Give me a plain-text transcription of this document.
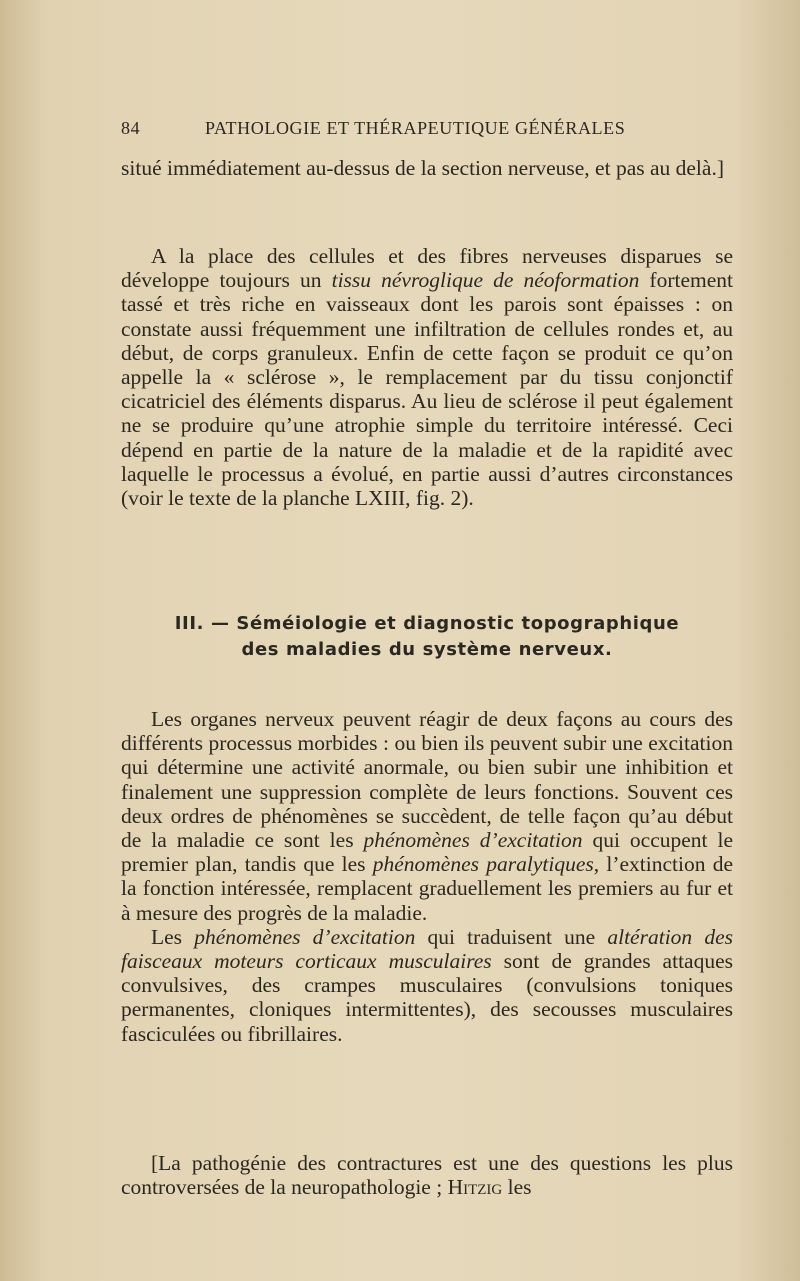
84	PATHOLOGIE ET THÉRAPEUTIQUE GÉNÉRALES

situé immédiatement au-dessus de la section nerveuse, et pas au delà.]

A la place des cellules et des fibres nerveuses disparues se développe toujours un tissu névroglique de néoformation fortement tassé et très riche en vaisseaux dont les parois sont épaisses : on constate aussi fréquemment une infiltration de cellules rondes et, au début, de corps granuleux. Enfin de cette façon se produit ce qu’on appelle la « sclérose », le remplacement par du tissu conjonctif cicatriciel des éléments disparus. Au lieu de sclérose il peut également ne se produire qu’une atrophie simple du territoire intéressé. Ceci dépend en partie de la nature de la maladie et de la rapidité avec laquelle le processus a évolué, en partie aussi d’autres circonstances (voir le texte de la planche LXIII, fig. 2).

III. — Séméiologie et diagnostic topographique
des maladies du système nerveux.

Les organes nerveux peuvent réagir de deux façons au cours des différents processus morbides : ou bien ils peuvent subir une excitation qui détermine une activité anormale, ou bien subir une inhibition et finalement une suppression complète de leurs fonctions. Souvent ces deux ordres de phénomènes se succèdent, de telle façon qu’au début de la maladie ce sont les phénomènes d’excitation qui occupent le premier plan, tandis que les phénomènes paralytiques, l’extinction de la fonction intéressée, remplacent graduellement les premiers au fur et à mesure des progrès de la maladie.

Les phénomènes d’excitation qui traduisent une altération des faisceaux moteurs corticaux musculaires sont de grandes attaques convulsives, des crampes musculaires (convulsions toniques permanentes, cloniques intermittentes), des secousses musculaires fasciculées ou fibrillaires.

[La pathogénie des contractures est une des questions les plus controversées de la neuropathologie ; Hitzig les
